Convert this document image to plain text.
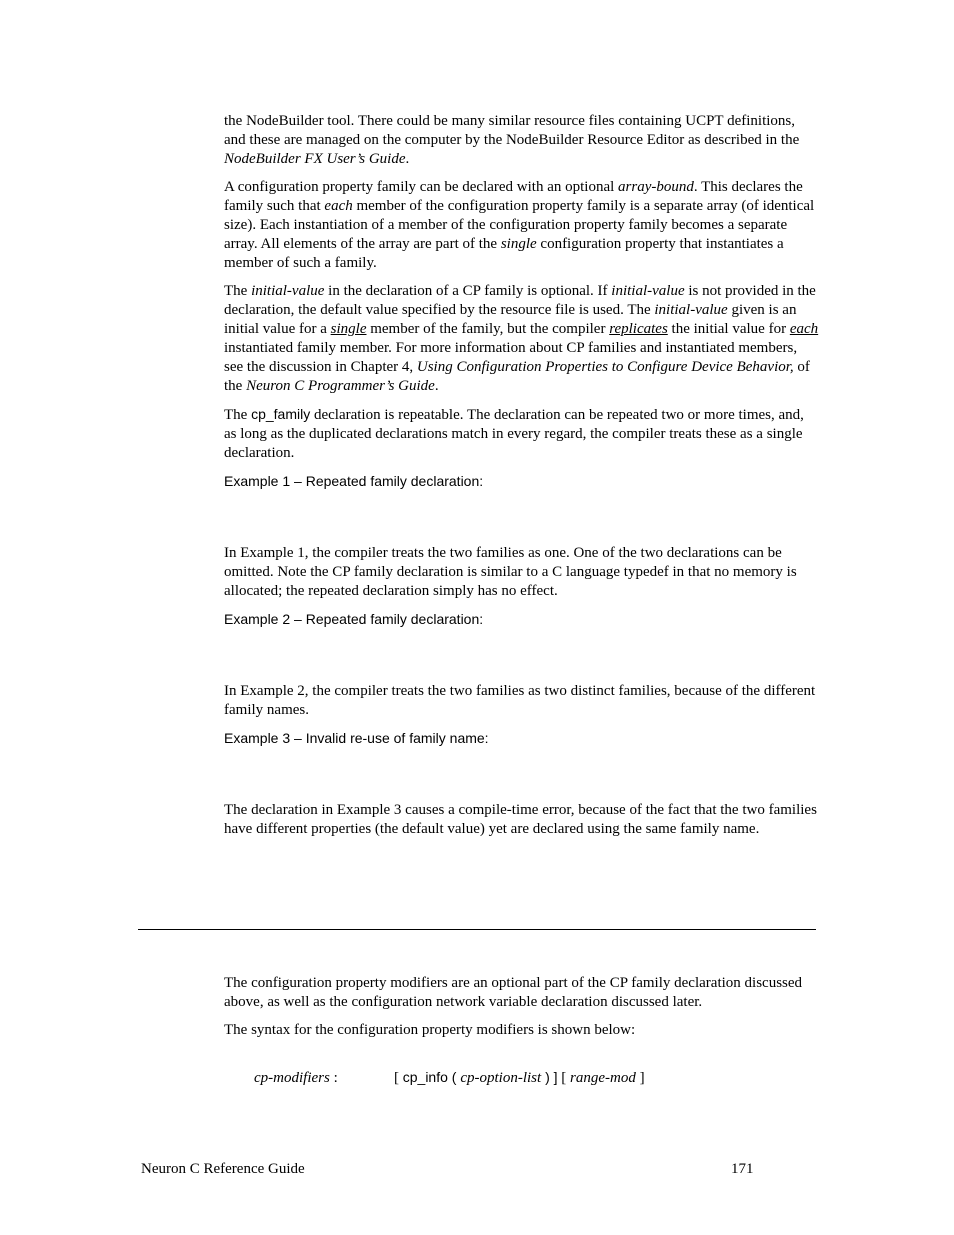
the NodeBuilder tool. There could be many similar resource files containing UCPT definitions, and these are managed on the computer by the NodeBuilder Resource Editor as described in the NodeBuilder FX User’s Guide.

A configuration property family can be declared with an optional array-bound. This declares the family such that each member of the configuration property family is a separate array (of identical size). Each instantiation of a member of the configuration property family becomes a separate array. All elements of the array are part of the single configuration property that instantiates a member of such a family.

The initial-value in the declaration of a CP family is optional. If initial-value is not provided in the declaration, the default value specified by the resource file is used. The initial-value given is an initial value for a single member of the family, but the compiler replicates the initial value for each instantiated family member. For more information about CP families and instantiated members, see the discussion in Chapter 4, Using Configuration Properties to Configure Device Behavior, of the Neuron C Programmer’s Guide.

The cp_family declaration is repeatable. The declaration can be repeated two or more times, and, as long as the duplicated declarations match in every regard, the compiler treats these as a single declaration.

Example 1 – Repeated family declaration:

In Example 1, the compiler treats the two families as one. One of the two declarations can be omitted. Note the CP family declaration is similar to a C language typedef in that no memory is allocated; the repeated declaration simply has no effect.

Example 2 – Repeated family declaration:

In Example 2, the compiler treats the two families as two distinct families, because of the different family names.

Example 3 – Invalid re-use of family name:

The declaration in Example 3 causes a compile-time error, because of the fact that the two families have different properties (the default value) yet are declared using the same family name.

The configuration property modifiers are an optional part of the CP family declaration discussed above, as well as the configuration network variable declaration discussed later.

The syntax for the configuration property modifiers is shown below:

cp-modifiers :	[ cp_info ( cp-option-list ) ] [ range-mod ]
Neuron C Reference Guide	171
